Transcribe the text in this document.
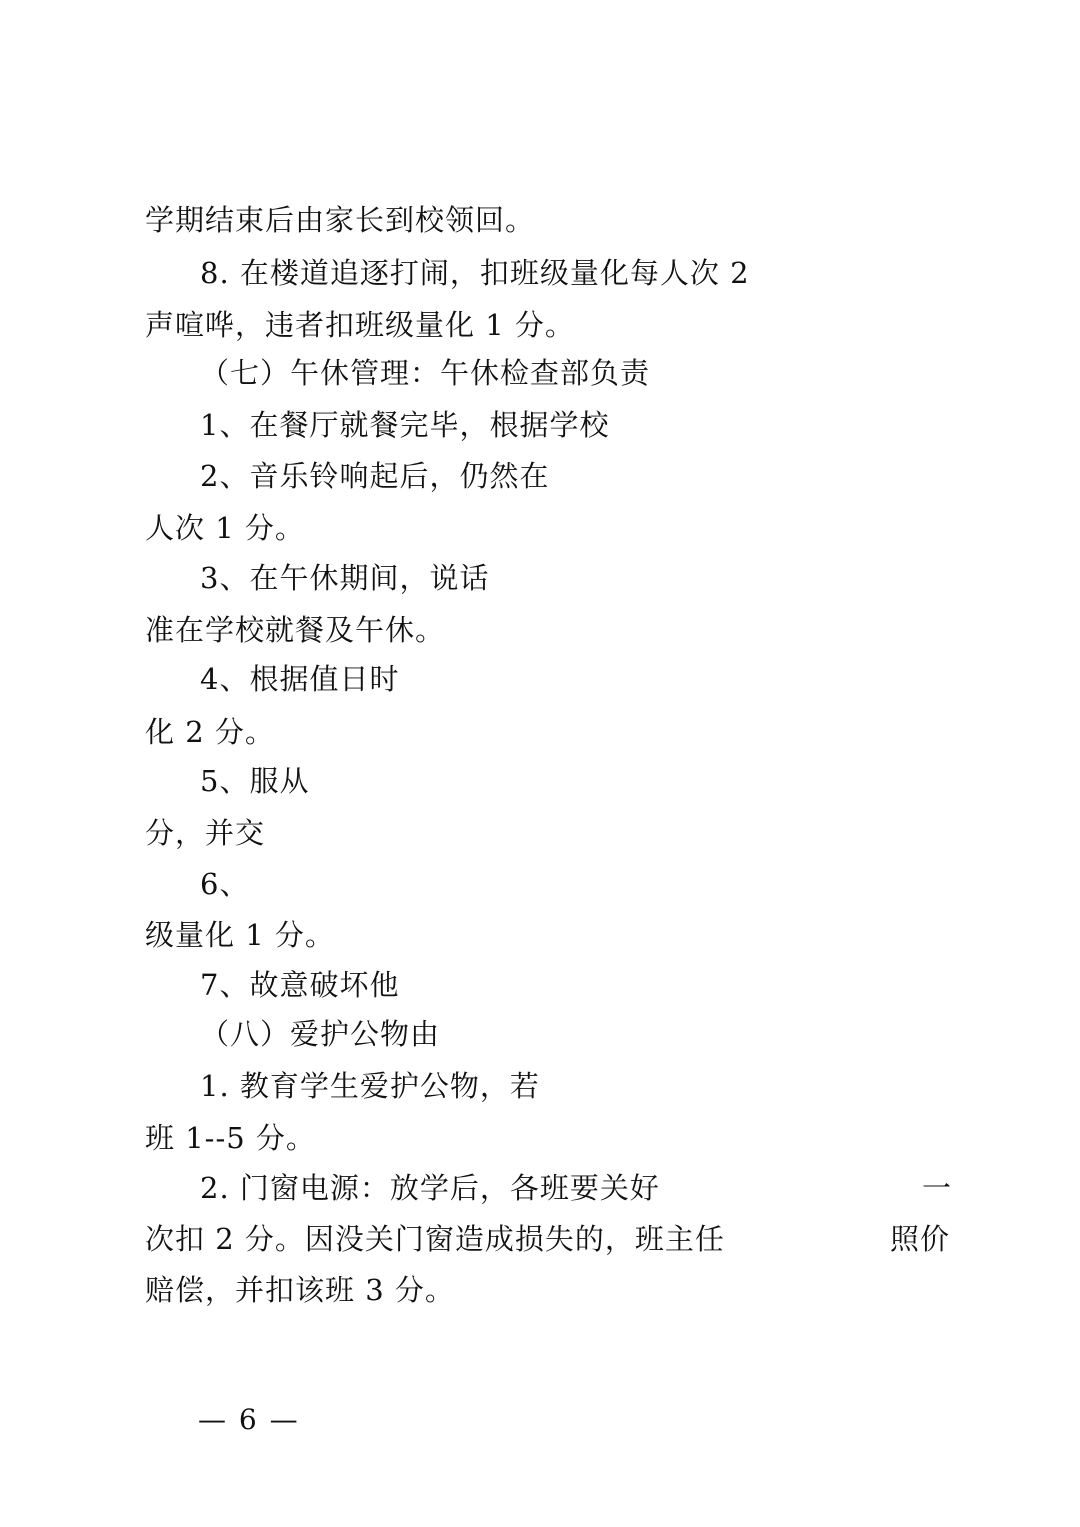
学期结束后由家长到校领回。
8. 在楼道追逐打闹，扣班级量化每人次 2
声喧哗，违者扣班级量化 1 分。
（七）午休管理：午休检查部负责
1、在餐厅就餐完毕，根据学校
2、音乐铃响起后，仍然在
人次 1 分。
3、在午休期间，说话
准在学校就餐及午休。
4、根据值日时
化 2 分。
5、服从
分，并交
6、
级量化 1 分。
7、故意破坏他
（八）爱护公物由
1. 教育学生爱护公物，若
班 1--5 分。
2. 门窗电源：放学后，各班要关好	一
次扣 2 分。因没关门窗造成损失的，班主任	照价
赔偿，并扣该班 3 分。
— 6 —
